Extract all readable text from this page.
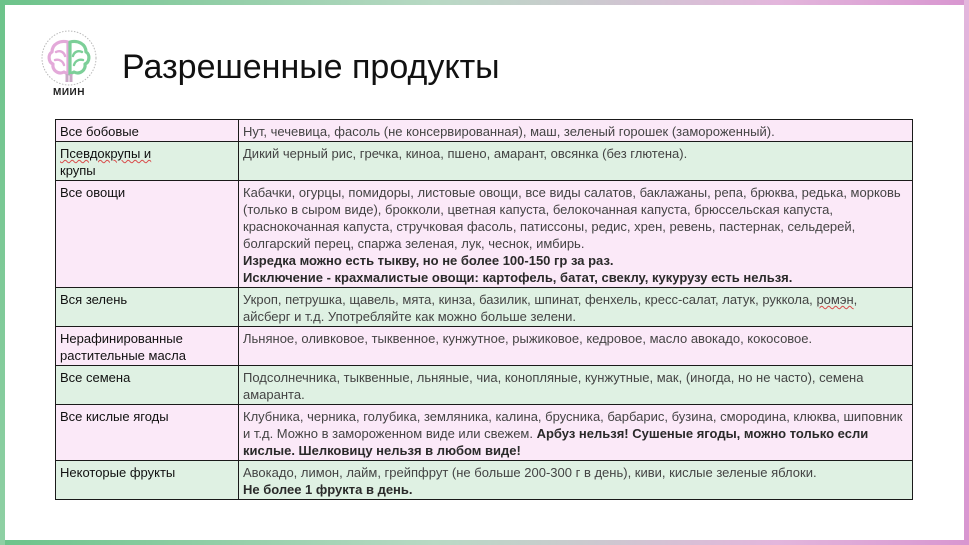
МИИН
Разрешенные продукты
Все бобовые	Нут, чечевица, фасоль (не консервированная), маш, зеленый горошек (замороженный).
Псевдокрупы и
крупы	Дикий черный рис, гречка, киноа, пшено, амарант, овсянка (без глютена).
Все овощи	Кабачки, огурцы, помидоры, листовые овощи, все виды салатов, баклажаны, репа, брюква, редька, морковь (только в сыром виде), брокколи, цветная капуста, белокочанная капуста, брюссельская капуста, краснокочанная капуста, стручковая фасоль, патиссоны, редис, хрен, ревень, пастернак, сельдерей, болгарский перец, спаржа зеленая, лук, чеснок, имбирь.
Изредка можно есть тыкву, но не более 100-150 гр за раз.
Исключение - крахмалистые овощи: картофель, батат, свеклу, кукурузу есть нельзя.
Вся зелень	Укроп, петрушка, щавель, мята, кинза, базилик, шпинат, фенхель, кресс-салат, латук, руккола, ромэн, айсберг и т.д. Употребляйте как можно больше зелени.
Нерафинированные
растительные масла	Льняное, оливковое, тыквенное, кунжутное, рыжиковое, кедровое, масло авокадо, кокосовое.
Все семена	Подсолнечника, тыквенные, льняные, чиа, конопляные, кунжутные, мак, (иногда, но не часто), семена амаранта.
Все кислые ягоды	Клубника, черника, голубика, земляника, калина, брусника, барбарис, бузина, смородина, клюква, шиповник и т.д. Можно в замороженном виде или свежем. Арбуз нельзя! Сушеные ягоды, можно только если кислые. Шелковицу нельзя в любом виде!
Некоторые фрукты	Авокадо, лимон, лайм, грейпфрут (не больше 200-300 г в день), киви, кислые зеленые яблоки.
Не более 1 фрукта в день.
